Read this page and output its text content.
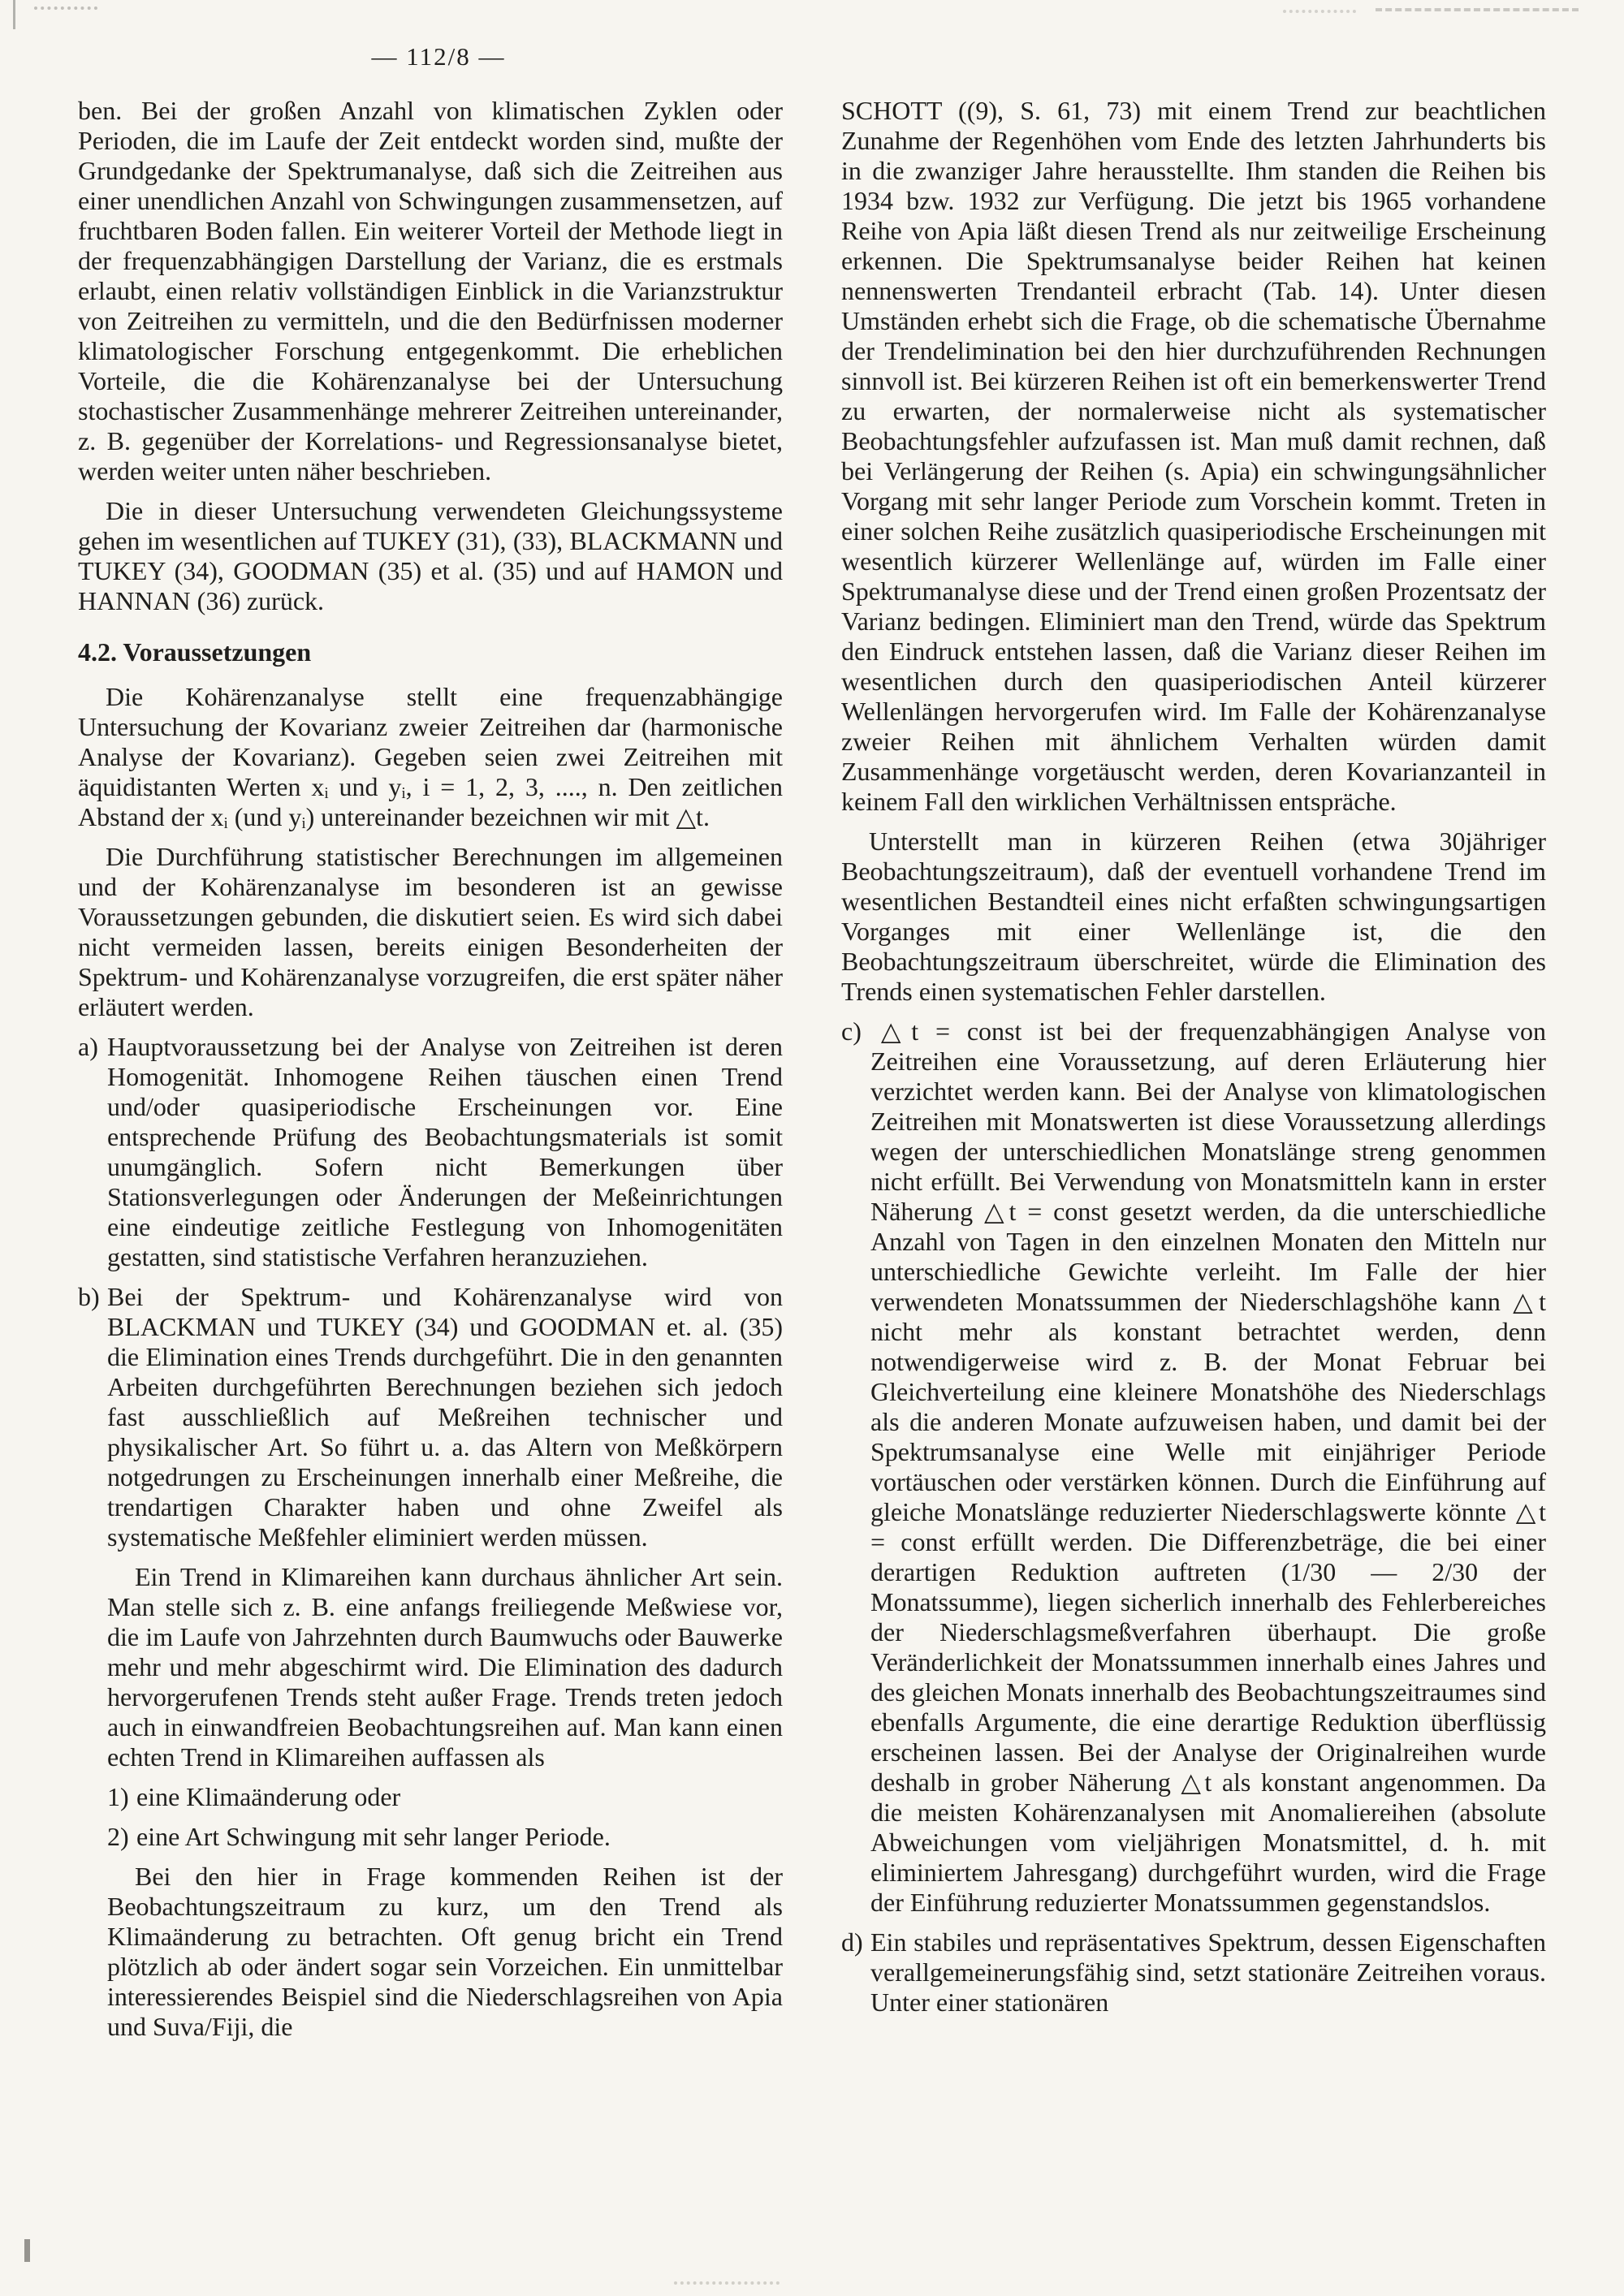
— 112/8 —

ben. Bei der großen Anzahl von klimatischen Zyklen oder Perioden, die im Laufe der Zeit entdeckt worden sind, mußte der Grundgedanke der Spektrumanalyse, daß sich die Zeitreihen aus einer unendlichen Anzahl von Schwingungen zusammensetzen, auf fruchtbaren Boden fallen. Ein weiterer Vorteil der Methode liegt in der frequenzabhängigen Darstellung der Varianz, die es erstmals erlaubt, einen relativ vollständigen Einblick in die Varianzstruktur von Zeitreihen zu vermitteln, und die den Bedürfnissen moderner klimatologischer Forschung entgegenkommt. Die erheblichen Vorteile, die die Kohärenzanalyse bei der Untersuchung stochastischer Zusammenhänge mehrerer Zeitreihen untereinander, z. B. gegenüber der Korrelations- und Regressionsanalyse bietet, werden weiter unten näher beschrieben.

Die in dieser Untersuchung verwendeten Gleichungssysteme gehen im wesentlichen auf TUKEY (31), (33), BLACKMANN und TUKEY (34), GOODMAN (35) et al. (35) und auf HAMON und HANNAN (36) zurück.

4.2. Voraussetzungen

Die Kohärenzanalyse stellt eine frequenzabhängige Untersuchung der Kovarianz zweier Zeitreihen dar (harmonische Analyse der Kovarianz). Gegeben seien zwei Zeitreihen mit äquidistanten Werten xᵢ und yᵢ, i = 1, 2, 3, ...., n. Den zeitlichen Abstand der xᵢ (und yᵢ) untereinander bezeichnen wir mit △t.

Die Durchführung statistischer Berechnungen im allgemeinen und der Kohärenzanalyse im besonderen ist an gewisse Voraussetzungen gebunden, die diskutiert seien. Es wird sich dabei nicht vermeiden lassen, bereits einigen Besonderheiten der Spektrum- und Kohärenzanalyse vorzugreifen, die erst später näher erläutert werden.

a) Hauptvoraussetzung bei der Analyse von Zeitreihen ist deren Homogenität. Inhomogene Reihen täuschen einen Trend und/oder quasiperiodische Erscheinungen vor. Eine entsprechende Prüfung des Beobachtungsmaterials ist somit unumgänglich. Sofern nicht Bemerkungen über Stationsverlegungen oder Änderungen der Meßeinrichtungen eine eindeutige zeitliche Festlegung von Inhomogenitäten gestatten, sind statistische Verfahren heranzuziehen.

b) Bei der Spektrum- und Kohärenzanalyse wird von BLACKMAN und TUKEY (34) und GOODMAN et. al. (35) die Elimination eines Trends durchgeführt. Die in den genannten Arbeiten durchgeführten Berechnungen beziehen sich jedoch fast ausschließlich auf Meßreihen technischer und physikalischer Art. So führt u. a. das Altern von Meßkörpern notgedrungen zu Erscheinungen innerhalb einer Meßreihe, die trendartigen Charakter haben und ohne Zweifel als systematische Meßfehler eliminiert werden müssen.

Ein Trend in Klimareihen kann durchaus ähnlicher Art sein. Man stelle sich z. B. eine anfangs freiliegende Meßwiese vor, die im Laufe von Jahrzehnten durch Baumwuchs oder Bauwerke mehr und mehr abgeschirmt wird. Die Elimination des dadurch hervorgerufenen Trends steht außer Frage. Trends treten jedoch auch in einwandfreien Beobachtungsreihen auf. Man kann einen echten Trend in Klimareihen auffassen als

1) eine Klimaänderung oder

2) eine Art Schwingung mit sehr langer Periode.

Bei den hier in Frage kommenden Reihen ist der Beobachtungszeitraum zu kurz, um den Trend als Klimaänderung zu betrachten. Oft genug bricht ein Trend plötzlich ab oder ändert sogar sein Vorzeichen. Ein unmittelbar interessierendes Beispiel sind die Niederschlagsreihen von Apia und Suva/Fiji, die

SCHOTT ((9), S. 61, 73) mit einem Trend zur beachtlichen Zunahme der Regenhöhen vom Ende des letzten Jahrhunderts bis in die zwanziger Jahre herausstellte. Ihm standen die Reihen bis 1934 bzw. 1932 zur Verfügung. Die jetzt bis 1965 vorhandene Reihe von Apia läßt diesen Trend als nur zeitweilige Erscheinung erkennen. Die Spektrumsanalyse beider Reihen hat keinen nennenswerten Trendanteil erbracht (Tab. 14). Unter diesen Umständen erhebt sich die Frage, ob die schematische Übernahme der Trendelimination bei den hier durchzuführenden Rechnungen sinnvoll ist. Bei kürzeren Reihen ist oft ein bemerkenswerter Trend zu erwarten, der normalerweise nicht als systematischer Beobachtungsfehler aufzufassen ist. Man muß damit rechnen, daß bei Verlängerung der Reihen (s. Apia) ein schwingungsähnlicher Vorgang mit sehr langer Periode zum Vorschein kommt. Treten in einer solchen Reihe zusätzlich quasiperiodische Erscheinungen mit wesentlich kürzerer Wellenlänge auf, würden im Falle einer Spektrumanalyse diese und der Trend einen großen Prozentsatz der Varianz bedingen. Eliminiert man den Trend, würde das Spektrum den Eindruck entstehen lassen, daß die Varianz dieser Reihen im wesentlichen durch den quasiperiodischen Anteil kürzerer Wellenlängen hervorgerufen wird. Im Falle der Kohärenzanalyse zweier Reihen mit ähnlichem Verhalten würden damit Zusammenhänge vorgetäuscht werden, deren Kovarianzanteil in keinem Fall den wirklichen Verhältnissen entspräche.

Unterstellt man in kürzeren Reihen (etwa 30jähriger Beobachtungszeitraum), daß der eventuell vorhandene Trend im wesentlichen Bestandteil eines nicht erfaßten schwingungsartigen Vorganges mit einer Wellenlänge ist, die den Beobachtungszeitraum überschreitet, würde die Elimination des Trends einen systematischen Fehler darstellen.

c) △t = const ist bei der frequenzabhängigen Analyse von Zeitreihen eine Voraussetzung, auf deren Erläuterung hier verzichtet werden kann. Bei der Analyse von klimatologischen Zeitreihen mit Monatswerten ist diese Voraussetzung allerdings wegen der unterschiedlichen Monatslänge streng genommen nicht erfüllt. Bei Verwendung von Monatsmitteln kann in erster Näherung △t = const gesetzt werden, da die unterschiedliche Anzahl von Tagen in den einzelnen Monaten den Mitteln nur unterschiedliche Gewichte verleiht. Im Falle der hier verwendeten Monatssummen der Niederschlagshöhe kann △t nicht mehr als konstant betrachtet werden, denn notwendigerweise wird z. B. der Monat Februar bei Gleichverteilung eine kleinere Monatshöhe des Niederschlags als die anderen Monate aufzuweisen haben, und damit bei der Spektrumsanalyse eine Welle mit einjähriger Periode vortäuschen oder verstärken können. Durch die Einführung auf gleiche Monatslänge reduzierter Niederschlagswerte könnte △t = const erfüllt werden. Die Differenzbeträge, die bei einer derartigen Reduktion auftreten (1/30 — 2/30 der Monatssumme), liegen sicherlich innerhalb des Fehlerbereiches der Niederschlagsmeßverfahren überhaupt. Die große Veränderlichkeit der Monatssummen innerhalb eines Jahres und des gleichen Monats innerhalb des Beobachtungszeitraumes sind ebenfalls Argumente, die eine derartige Reduktion überflüssig erscheinen lassen. Bei der Analyse der Originalreihen wurde deshalb in grober Näherung △t als konstant angenommen. Da die meisten Kohärenzanalysen mit Anomaliereihen (absolute Abweichungen vom vieljährigen Monatsmittel, d. h. mit eliminiertem Jahresgang) durchgeführt wurden, wird die Frage der Einführung reduzierter Monatssummen gegenstandslos.

d) Ein stabiles und repräsentatives Spektrum, dessen Eigenschaften verallgemeinerungsfähig sind, setzt stationäre Zeitreihen voraus. Unter einer stationären
